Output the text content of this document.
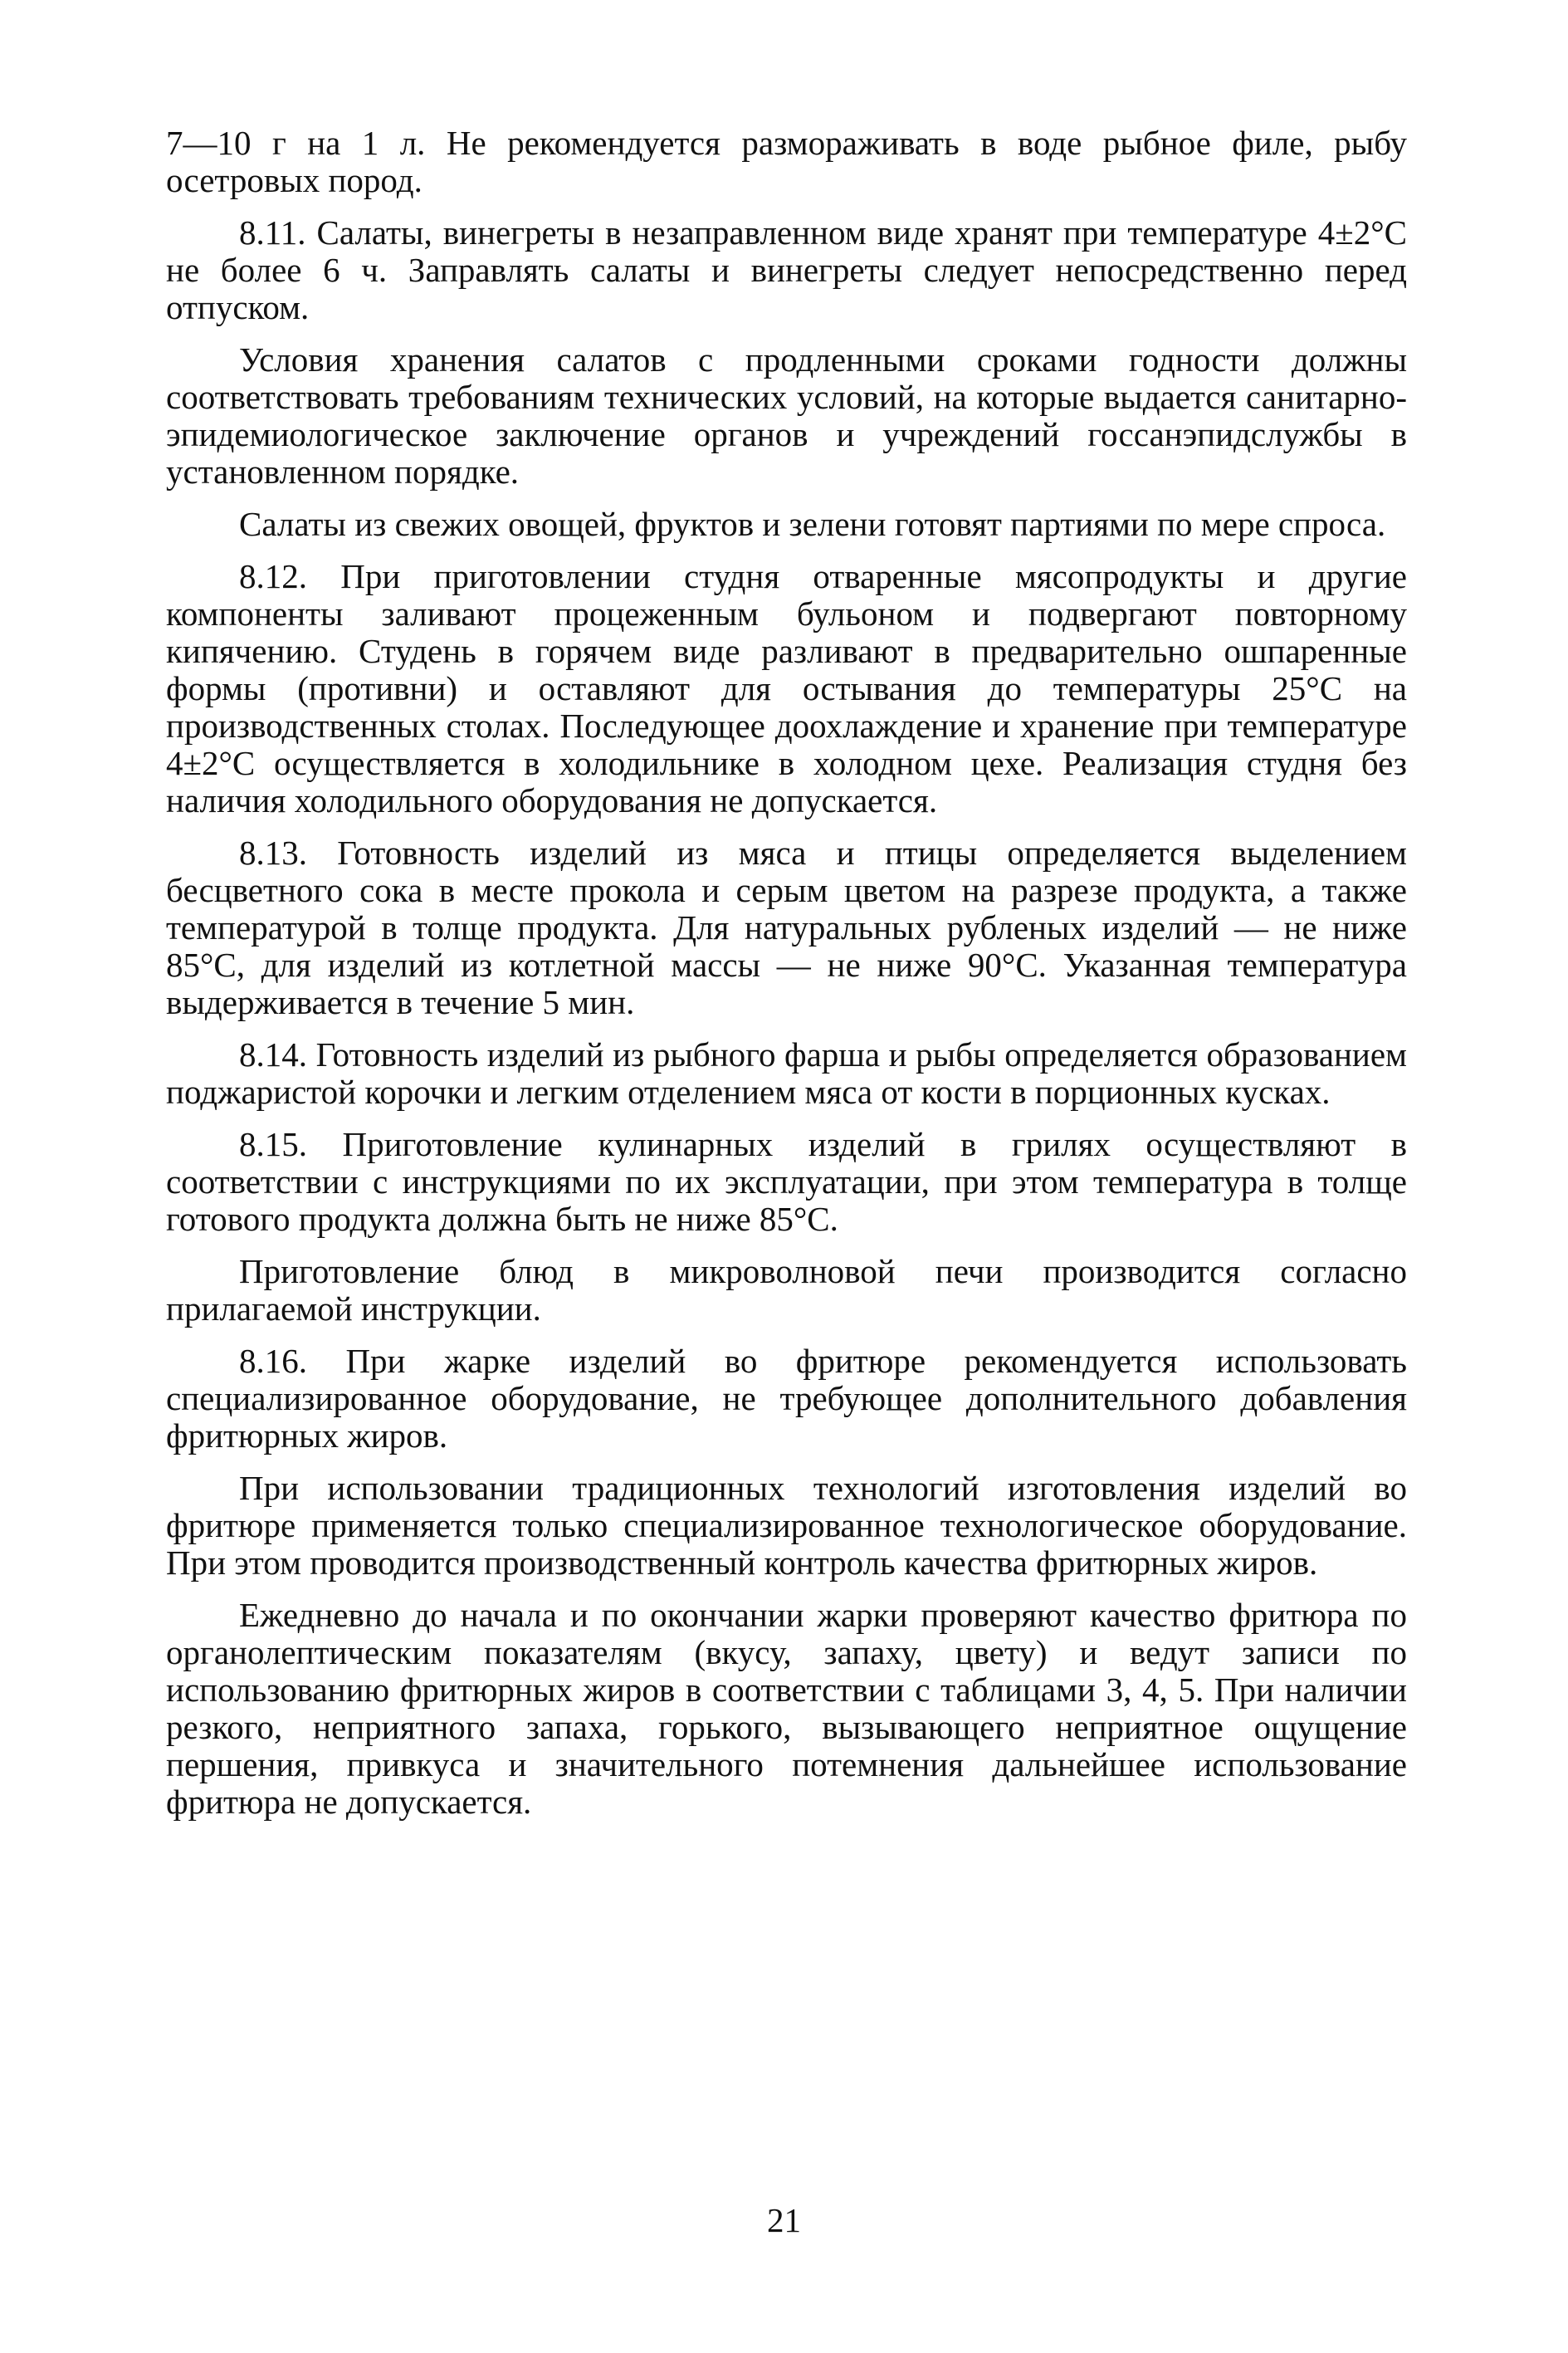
7—10 г на 1 л. Не рекомендуется размораживать в воде рыбное филе, рыбу осетровых пород.

8.11. Салаты, винегреты в незаправленном виде хранят при температуре 4±2°С не более 6 ч. Заправлять салаты и винегреты следует непосредственно перед отпуском.

Условия хранения салатов с продленными сроками годности должны соответствовать требованиям технических условий, на которые выдается санитарно-эпидемиологическое заключение органов и учреждений госсанэпидслужбы в установленном порядке.

Салаты из свежих овощей, фруктов и зелени готовят партиями по мере спроса.

8.12. При приготовлении студня отваренные мясопродукты и другие компоненты заливают процеженным бульоном и подвергают повторному кипячению. Студень в горячем виде разливают в предварительно ошпаренные формы (противни) и оставляют для остывания до температуры 25°С на производственных столах. Последующее доохлаждение и хранение при температуре 4±2°С осуществляется в холодильнике в холодном цехе. Реализация студня без наличия холодильного оборудования не допускается.

8.13. Готовность изделий из мяса и птицы определяется выделением бесцветного сока в месте прокола и серым цветом на разрезе продукта, а также температурой в толще продукта. Для натуральных рубленых изделий — не ниже 85°С, для изделий из котлетной массы — не ниже 90°С. Указанная температура выдерживается в течение 5 мин.

8.14. Готовность изделий из рыбного фарша и рыбы определяется образованием поджаристой корочки и легким отделением мяса от кости в порционных кусках.

8.15. Приготовление кулинарных изделий в грилях осуществляют в соответствии с инструкциями по их эксплуатации, при этом температура в толще готового продукта должна быть не ниже 85°С.

Приготовление блюд в микроволновой печи производится согласно прилагаемой инструкции.

8.16. При жарке изделий во фритюре рекомендуется использовать специализированное оборудование, не требующее дополнительного добавления фритюрных жиров.

При использовании традиционных технологий изготовления изделий во фритюре применяется только специализированное технологическое оборудование. При этом проводится производственный контроль качества фритюрных жиров.

Ежедневно до начала и по окончании жарки проверяют качество фритюра по органолептическим показателям (вкусу, запаху, цвету) и ведут записи по использованию фритюрных жиров в соответствии с таблицами 3, 4, 5. При наличии резкого, неприятного запаха, горького, вызывающего неприятное ощущение першения, привкуса и значительного потемнения дальнейшее использование фритюра не допускается.

21
